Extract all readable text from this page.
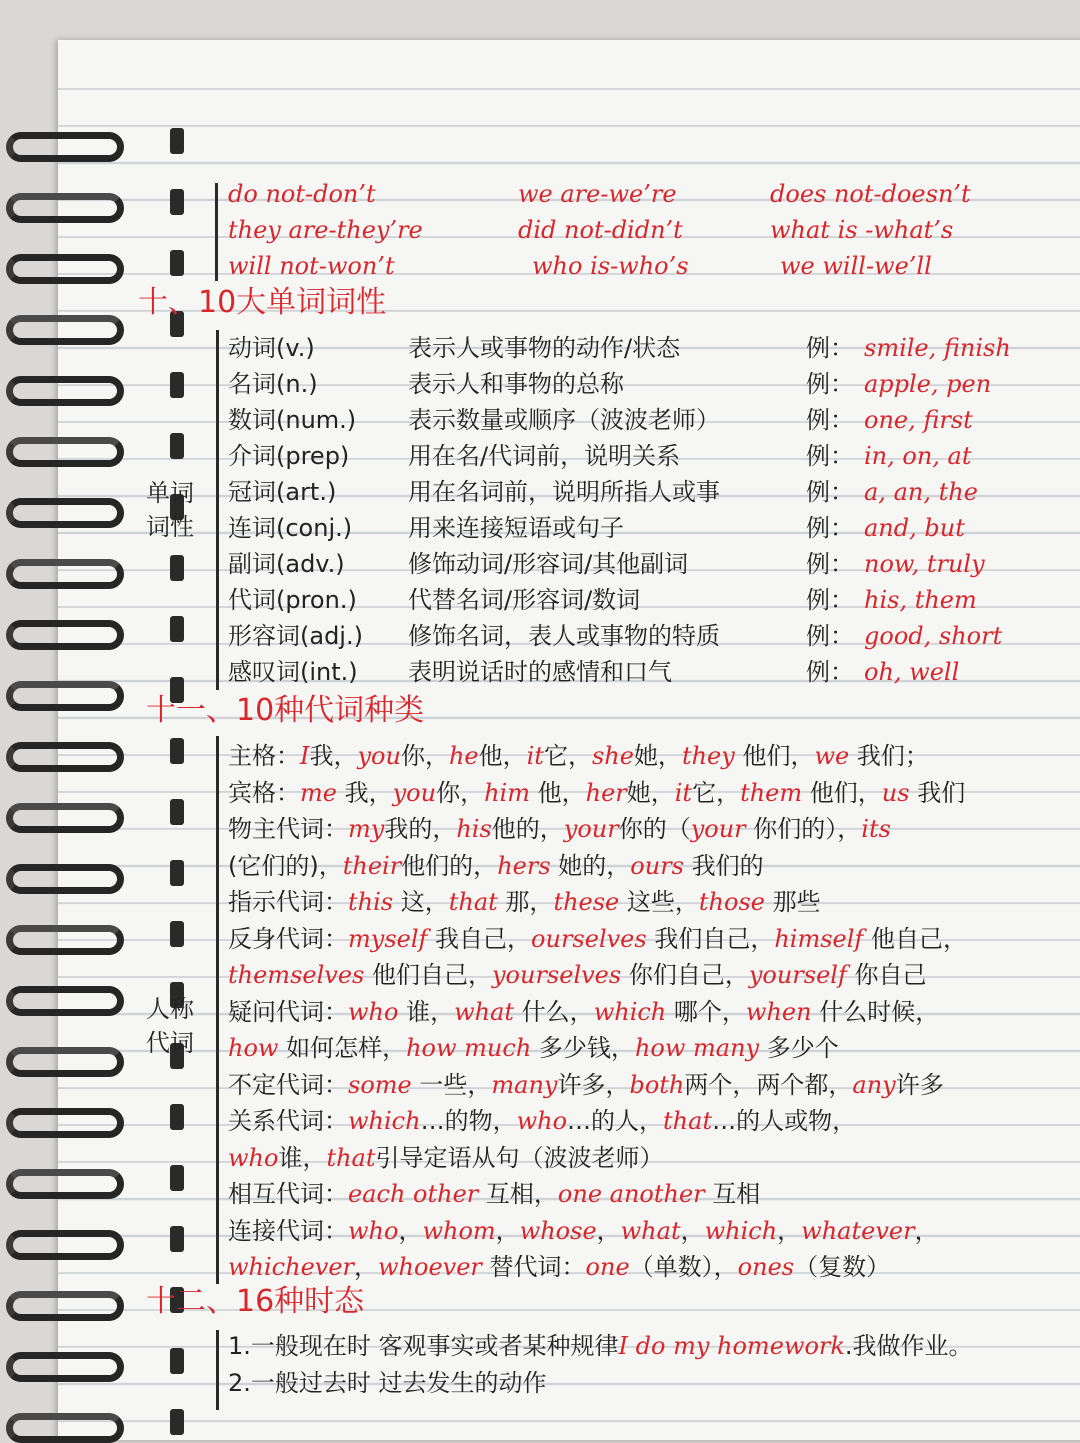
do not-don’t	we are-we’re	does not-doesn’t
they are-they’re	did not-didn’t	what is -what’s
will not-won’t	who is-who’s	we will-we’ll
十、10大单词词性
单词
词性
动词(v.)	表示人或事物的动作/状态	例： smile, finish
名词(n.)	表示人和事物的总称	例： apple, pen
数词(num.) 表示数量或顺序（波波老师）	例： one, first
介词(prep) 用在名/代词前，说明关系	例： in, on, at
冠词(art.)	用在名词前，说明所指人或事	例： a, an, the
连词(conj.) 用来连接短语或句子	例： and, but
副词(adv.)	修饰动词/形容词/其他副词	例： now, truly
代词(pron.) 代替名词/形容词/数词	例： his, them
形容词(adj.) 修饰名词，表人或事物的特质	例： good, short
感叹词(int.) 表明说话时的感情和口气	例： oh, well
十一、10种代词种类
人称
代词
主格：I我，you你，he他，it它，she她，they 他们，we 我们；
宾格：me 我，you你，him 他，her她，it它，them 他们，us 我们
物主代词：my我的，his他的，your你的（your 你们的），its
(它们的)，their他们的，hers 她的，ours 我们的
指示代词：this 这，that 那，these 这些，those 那些
反身代词：myself 我自己，ourselves 我们自己，himself 他自己，
themselves 他们自己，yourselves 你们自己，yourself 你自己
疑问代词：who 谁，what 什么，which 哪个，when 什么时候，
how 如何怎样，how much 多少钱，how many 多少个
不定代词：some 一些，many许多，both两个，两个都，any许多
关系代词：which…的物，who…的人，that…的人或物，
who谁，that引导定语从句（波波老师）
相互代词：each other 互相，one another 互相
连接代词：who，whom，whose，what，which，whatever，
whichever，whoever 替代词：one（单数），ones（复数）
十二、16种时态
1.一般现在时 客观事实或者某种规律I do my homework.我做作业。
2.一般过去时 过去发生的动作
